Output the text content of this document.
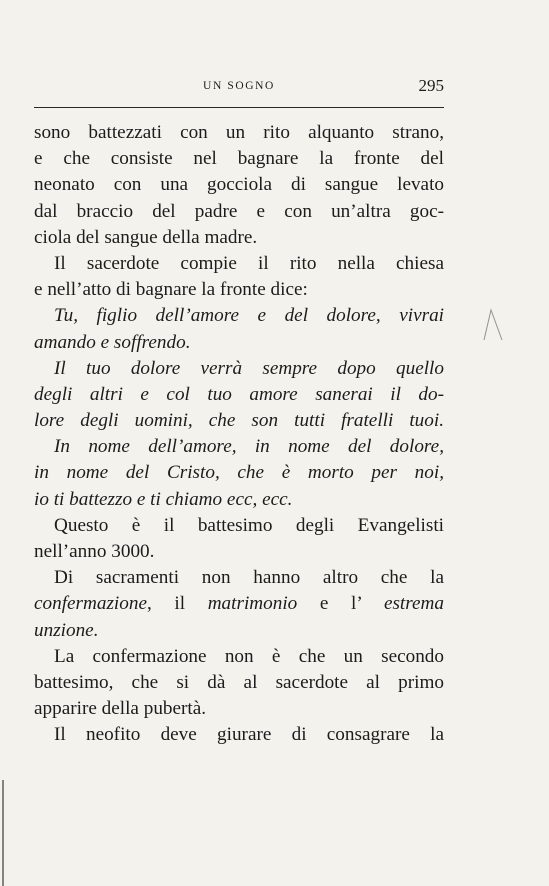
UN SOGNO	295
sono battezzati con un rito alquanto strano,
e che consiste nel bagnare la fronte del
neonato con una gocciola di sangue levato
dal braccio del padre e con un’altra goc-
ciola del sangue della madre.
Il sacerdote compie il rito nella chiesa
e nell’atto di bagnare la fronte dice:
Tu, figlio dell’amore e del dolore, vivrai
amando e soffrendo.
Il tuo dolore verrà sempre dopo quello
degli altri e col tuo amore sanerai il do-
lore degli uomini, che son tutti fratelli tuoi.
In nome dell’amore, in nome del dolore,
in nome del Cristo, che è morto per noi,
io ti battezzo e ti chiamo ecc, ecc.
Questo è il battesimo degli Evangelisti
nell’anno 3000.
Di sacramenti non hanno altro che la
confermazione, il matrimonio e l’ estrema
unzione.
La confermazione non è che un secondo
battesimo, che si dà al sacerdote al primo
apparire della pubertà.
Il neofito deve giurare di consagrare la
